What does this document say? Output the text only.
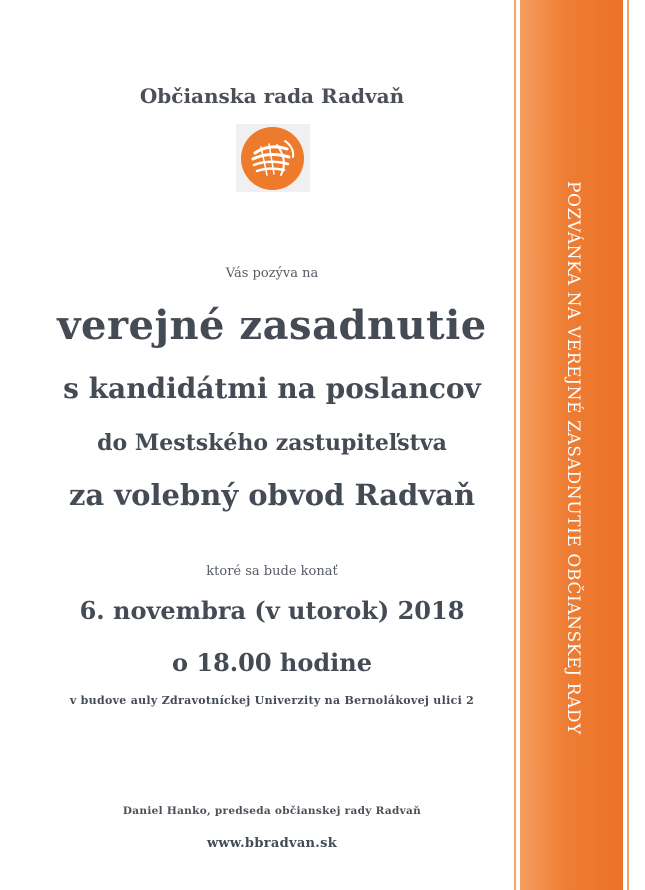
Občianska rada Radvaň
Vás pozýva na
verejné zasadnutie
s kandidátmi na poslancov
do Mestského zastupiteľstva
za volebný obvod Radvaň
ktoré sa bude konať
6. novembra (v utorok) 2018
o 18.00 hodine
v budove auly Zdravotníckej Univerzity na Bernolákovej ulici 2
Daniel Hanko, predseda občianskej rady Radvaň
www.bbradvan.sk
POZVÁNKA NA VEREJNÉ ZASADNUTIE OBČIANSKEJ RADY
